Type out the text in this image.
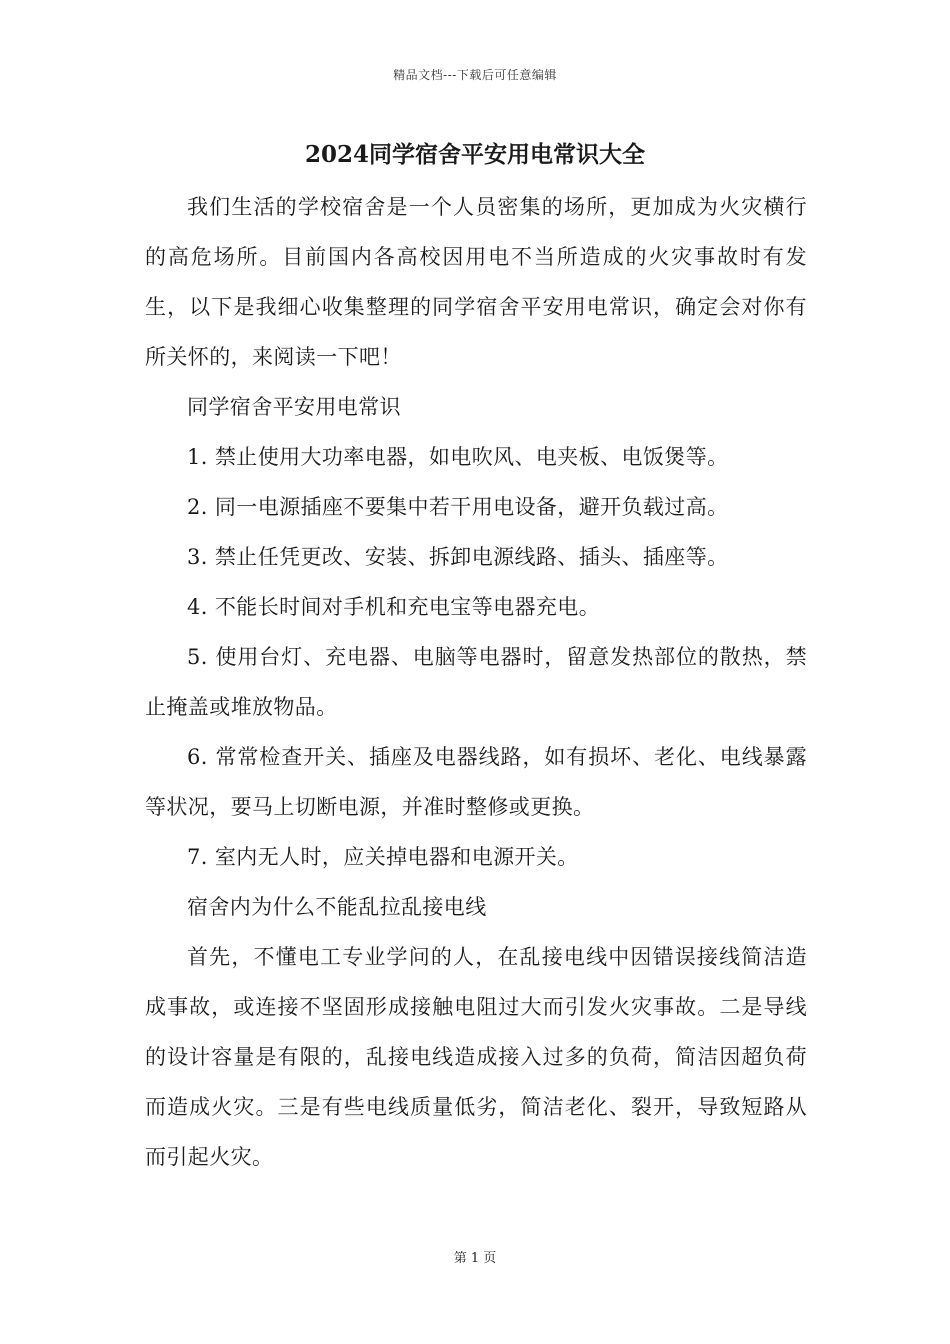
精品文档---下载后可任意编辑
2024同学宿舍平安用电常识大全

我们生活的学校宿舍是一个人员密集的场所，更加成为火灾横行的高危场所。目前国内各高校因用电不当所造成的火灾事故时有发生，以下是我细心收集整理的同学宿舍平安用电常识，确定会对你有所关怀的，来阅读一下吧！

同学宿舍平安用电常识

1. 禁止使用大功率电器，如电吹风、电夹板、电饭煲等。

2. 同一电源插座不要集中若干用电设备，避开负载过高。

3. 禁止任凭更改、安装、拆卸电源线路、插头、插座等。

4. 不能长时间对手机和充电宝等电器充电。

5. 使用台灯、充电器、电脑等电器时，留意发热部位的散热，禁止掩盖或堆放物品。

6. 常常检查开关、插座及电器线路，如有损坏、老化、电线暴露等状况，要马上切断电源，并准时整修或更换。

7. 室内无人时，应关掉电器和电源开关。

宿舍内为什么不能乱拉乱接电线

首先，不懂电工专业学问的人，在乱接电线中因错误接线简洁造成事故，或连接不坚固形成接触电阻过大而引发火灾事故。二是导线的设计容量是有限的，乱接电线造成接入过多的负荷，简洁因超负荷而造成火灾。三是有些电线质量低劣，简洁老化、裂开，导致短路从而引起火灾。

第 1 页
